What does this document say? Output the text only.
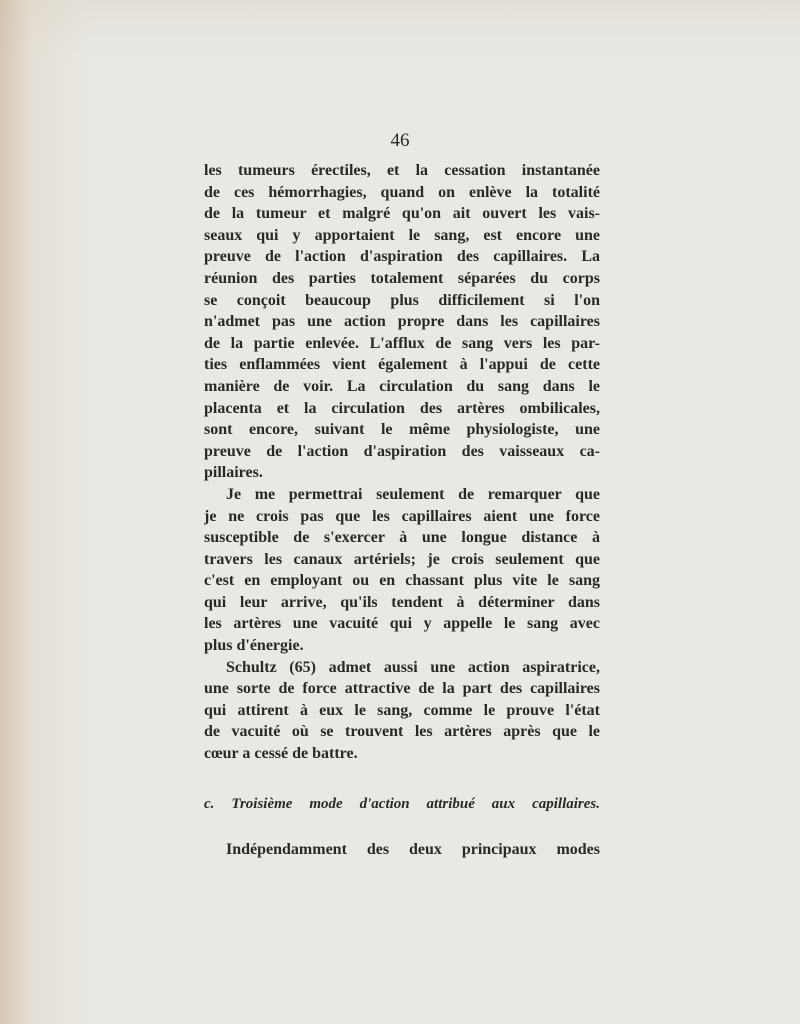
46
les tumeurs érectiles, et la cessation instantanée
de ces hémorrhagies, quand on enlève la totalité
de la tumeur et malgré qu'on ait ouvert les vais-
seaux qui y apportaient le sang, est encore une
preuve de l'action d'aspiration des capillaires. La
réunion des parties totalement séparées du corps
se conçoit beaucoup plus difficilement si l'on
n'admet pas une action propre dans les capillaires
de la partie enlevée. L'afflux de sang vers les par-
ties enflammées vient également à l'appui de cette
manière de voir. La circulation du sang dans le
placenta et la circulation des artères ombilicales,
sont encore, suivant le même physiologiste, une
preuve de l'action d'aspiration des vaisseaux ca-
pillaires.
Je me permettrai seulement de remarquer que
je ne crois pas que les capillaires aient une force
susceptible de s'exercer à une longue distance à
travers les canaux artériels; je crois seulement que
c'est en employant ou en chassant plus vite le sang
qui leur arrive, qu'ils tendent à déterminer dans
les artères une vacuité qui y appelle le sang avec
plus d'énergie.
Schultz (65) admet aussi une action aspiratrice,
une sorte de force attractive de la part des capillaires
qui attirent à eux le sang, comme le prouve l'état
de vacuité où se trouvent les artères après que le
cœur a cessé de battre.
c. Troisième mode d'action attribué aux capillaires.
Indépendamment des deux principaux modes
